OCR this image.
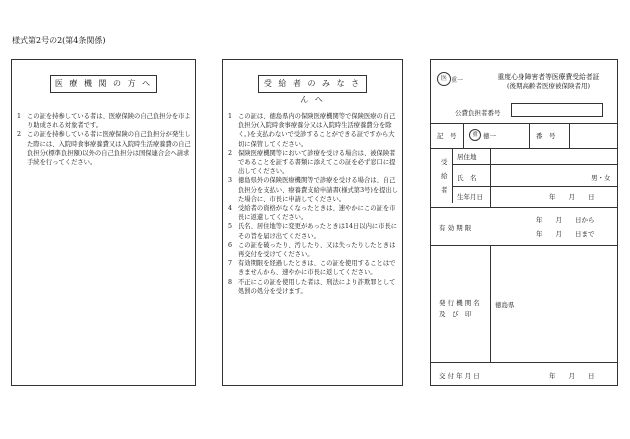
様式第2号の2(第4条関係)
医 療 機 関 の 方 へ
1 この証を持参している者は、医療保険の自己負担分を市より助成される対象者です。
2 この証を持参している者に医療保険の自己負担分が発生した際には、入院時食事療養費又は入院時生活療養費の自己負担分(標準負担額)以外の自己負担分は国保連合会へ請求手続を行ってください。
受 給 者 の み な さ ん へ
1 この証は、徳島県内の保険医療機関等で保険医療の自己負担分(入院時食事療養分又は入院時生活療養費分を除く。)を支払わないで受診することができる証ですから大切に保管してください。
2 保険医療機関等において診療を受ける場合は、被保険者であることを証する書類に添えてこの証を必ず窓口に提出してください。
3 徳島県外の保険医療機関等で診療を受ける場合は、自己負担分を支払い、療養費支給申請書(様式第3号)を提出した場合に、市長に申請してください。
4 受給者の資格がなくなったときは、速やかにこの証を市長に返還してください。
5 氏名、居住地等に変更があったときは14日以内に市長にその旨を届け出てください。
6 この証を破ったり、汚したり、又は失ったりしたときは再交付を受けてください。
7 有効期限を経過したときは、この証を使用することはできませんから、速やかに市長に返してください。
8 不正にこの証を使用した者は、刑法により詐欺罪として処罰の処分を受けます。
医 重一	重度心身障害者等医療費受給者証
(後期高齢者医療被保険者用)
公費負担者番号
記　号	重 徳一	番　号
受給者
居住地
氏　名	男・女
生年月日	年　　月　　日
有 効 期 限
年　　月　　日から
年　　月　　日まで
発 行 機 関 名
及　び　印
徳島県
交 付 年 月 日	年　　月　　日
